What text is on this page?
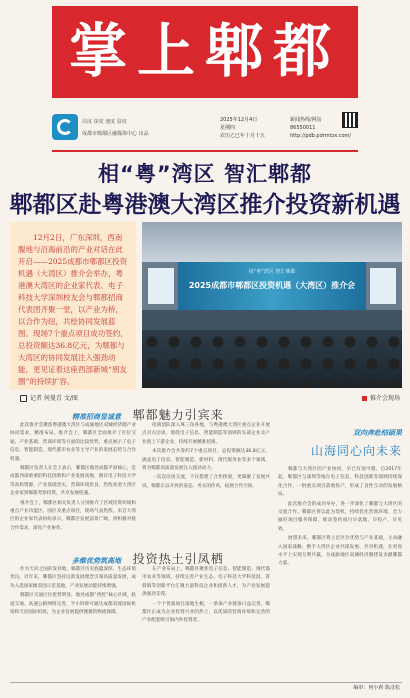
掌上郫都
高度 深度 速度 温度
成都市郫都区融媒体中心 出品
2025年12月4日
星期四
农历乙巳年十月十五
新闻热线/网站
86550011
http://pdb.pdrmtzx.com/
相“粤”湾区 智汇郫都
郫都区赴粤港澳大湾区推介投资新机遇

12月2日，广东深圳，西南腹地与沿海前沿的产业对话在此开启——2025成都市郫都区投资机遇（大湾区）推介会举办，粤港澳大湾区的企业家代表、电子科技大学深圳校友会与郫都招商代表团齐聚一堂，以产业为桥，以合作为纽，共绘协同发展蓝图。现场7个重点项目成功签约，总投资额达36.8亿元，为郫都与大湾区的协同发展注入强劲动能，更见证着这座西部新城“朋友圈”的持续扩容。

记者 何曼青 文/图
相“粤”湾区 智汇郫都
2025成都市郫都区投资机遇（大湾区）推介会
推介会现场
精准招商显诚意 郫都魅力引宾来

此次推介会聚焦粤港澳大湾区与成渝地区双城经济圈产业协同需求，精准布局。推介会上，郫都区全面推介了区位交通、产业基础、营商环境等方面的比较优势，重点展示了电子信息、智能制造、现代都市农业等主导产业的发展态势与合作机遇。

郫都区负责人在会上表示，郫都区地处成都平原核心，是成都西部重要的科技创新和产业发展高地，拥有电子科技大学等高校资源，产业基础坚实，营商环境优良，热忱欢迎大湾区企业家到郫都考察投资，共享发展机遇。

推介会上，郫都区相关负责人分别推介了区域投资环境和重点产业功能区、园区及重点项目，现场气氛热烈。来自大湾区的企业家代表纷纷表示，郫都区发展前景广阔，将积极对接合作需求，深化产业协作。

招商团队深入珠三角各地，与粤港澳大湾区重点企业开展点对点洽谈，围绕电子信息、智能制造等领域的头部企业及产业链上下游企业，持续开展精准招商。

本次推介会共签约7个重点项目，总投资额达36.8亿元，涵盖电子信息、智能制造、新材料、现代服务业等多个领域，将为郫都高质量发展注入强劲动力。

一次次洽谈交流，不仅搭建了合作桥梁，更凝聚了发展共识。郫都正以开放的姿态、务实的作风，拓展合作空间。

双向奔赴结硕果
山海同心向未来

郫都与大湾区的产业协同，早已有迹可循。自2017年起，郫都区与深圳等地在电子信息、科技创新等领域持续深化合作，一批重点项目落地投产，形成了良性互动的发展格局。

此次推介会的成功举办，进一步深化了郫都与大湾区的交流合作。郫都区将以此为契机，持续优化营商环境，全力做好项目服务保障，推动签约项目早落地、早投产、早见效。

展望未来，郫都区将立足区位优势与产业基础，主动融入国家战略，携手大湾区企业共谋发展、共享机遇，在更高水平上实现互利共赢，为成渝地区双城经济圈建设贡献郫都力量。

多维优势筑高地 投资热土引凤栖

作为天府之国的发祥地，郫都区历史底蕴深厚、生态环境优良。近年来，郫都区坚持以新发展理念引领高质量发展，成功入选国家级双创示范基地，产业发展动能持续增强。

郫都区交通区位优势明显，地处成都“西控”核心区域，轨道交通、高速公路网络完善，半小时即可通达成都双流国际机场和天府国际机场，为企业发展提供便捷的物流保障。

在产业布局上，郫都区聚焦电子信息、智能制造、现代都市农业等领域，持续完善产业生态。电子科技大学科技园、菁蓉镇等创新平台汇聚大量科技企业和创新人才，为产业发展提供强劲支撑。

一个个优质项目落地生根，一条条产业链条日益完善。郫都区正成为企业投资兴业的热土，以优质的营商环境和完善的产业配套吸引海内外投资者。

编审：何小莉 陈彦松
